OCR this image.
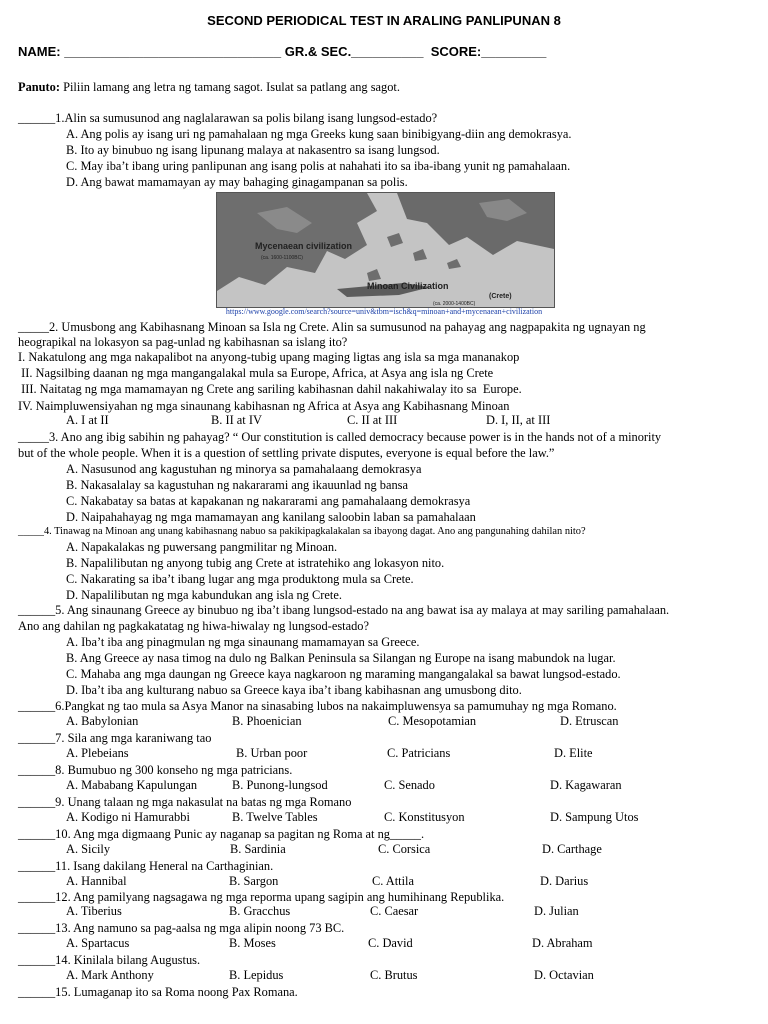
SECOND PERIODICAL TEST IN ARALING PANLIPUNAN 8
NAME: ______________________________ GR.& SEC.__________  SCORE:_________
Panuto: Piliin lamang ang letra ng tamang sagot. Isulat sa patlang ang sagot.
______1.Alin sa sumusunod ang naglalarawan sa polis bilang isang lungsod-estado?
A. Ang polis ay isang uri ng pamahalaan ng mga Greeks kung saan binibigyang-diin ang demokrasya.
B. Ito ay binubuo ng isang lipunang malaya at nakasentro sa isang lungsod.
C. May iba’t ibang uring panlipunan ang isang polis at nahahati ito sa iba-ibang yunit ng pamahalaan.
D. Ang bawat mamamayan ay may bahaging ginagampanan sa polis.
Mycenaean civilization
(ca. 1600-1100BC)
Minoan Civilization
(Crete)
(ca. 2000-1400BC)
https://www.google.com/search?source=univ&tbm=isch&q=minoan+and+mycenaean+civilization
_____2. Umusbong ang Kabihasnang Minoan sa Isla ng Crete. Alin sa sumusunod na pahayag ang nagpapakita ng ugnayan ng
heograpikal na lokasyon sa pag-unlad ng kabihasnan sa islang ito?
I. Nakatulong ang mga nakapalibot na anyong-tubig upang maging ligtas ang isla sa mga mananakop
II. Nagsilbing daanan ng mga mangangalakal mula sa Europe, Africa, at Asya ang isla ng Crete
III. Naitatag ng mga mamamayan ng Crete ang sariling kabihasnan dahil nakahiwalay ito sa  Europe.
IV. Naimpluwensiyahan ng mga sinaunang kabihasnan ng Africa at Asya ang Kabihasnang Minoan
A. I at II	B. II at IV	C. II at III	D. I, II, at III
_____3. Ano ang ibig sabihin ng pahayag? “ Our constitution is called democracy because power is in the hands not of a minority
but of the whole people. When it is a question of settling private disputes, everyone is equal before the law.”
A. Nasusunod ang kagustuhan ng minorya sa pamahalaang demokrasya
B. Nakasalalay sa kagustuhan ng nakararami ang ikauunlad ng bansa
C. Nakabatay sa batas at kapakanan ng nakararami ang pamahalaang demokrasya
D. Naipahahayag ng mga mamamayan ang kanilang saloobin laban sa pamahalaan
_____4. Tinawag na Minoan ang unang kabihasnang nabuo sa pakikipagkalakalan sa ibayong dagat. Ano ang pangunahing dahilan nito?
A. Napakalakas ng puwersang pangmilitar ng Minoan.
B. Napalilibutan ng anyong tubig ang Crete at istratehiko ang lokasyon nito.
C. Nakarating sa iba’t ibang lugar ang mga produktong mula sa Crete.
D. Napalilibutan ng mga kabundukan ang isla ng Crete.
______5. Ang sinaunang Greece ay binubuo ng iba’t ibang lungsod-estado na ang bawat isa ay malaya at may sariling pamahalaan.
Ano ang dahilan ng pagkakatatag ng hiwa-hiwalay ng lungsod-estado?
A. Iba’t iba ang pinagmulan ng mga sinaunang mamamayan sa Greece.
B. Ang Greece ay nasa timog na dulo ng Balkan Peninsula sa Silangan ng Europe na isang mabundok na lugar.
C. Mahaba ang mga daungan ng Greece kaya nagkaroon ng maraming mangangalakal sa bawat lungsod-estado.
D. Iba’t iba ang kulturang nabuo sa Greece kaya iba’t ibang kabihasnan ang umusbong dito.
______6.Pangkat ng tao mula sa Asya Manor na sinasabing lubos na nakaimpluwensya sa pamumuhay ng mga Romano.
A. Babylonian	B. Phoenician	C. Mesopotamian	D. Etruscan
______7. Sila ang mga karaniwang tao
A. Plebeians	B. Urban poor	C. Patricians	D. Elite
______8. Bumubuo ng 300 konseho ng mga patricians.
A. Mababang Kapulungan	B. Punong-lungsod	C. Senado	D. Kagawaran
______9. Unang talaan ng mga nakasulat na batas ng mga Romano
A. Kodigo ni Hamurabbi	B. Twelve Tables	C. Konstitusyon	D. Sampung Utos
______10. Ang mga digmaang Punic ay naganap sa pagitan ng Roma at ng_____.
A. Sicily	B. Sardinia	C. Corsica	D. Carthage
______11. Isang dakilang Heneral na Carthaginian.
A. Hannibal	B. Sargon	C. Attila	D. Darius
______12. Ang pamilyang nagsagawa ng mga reporma upang sagipin ang humihinang Republika.
A. Tiberius	B. Gracchus	C. Caesar	D. Julian
______13. Ang namuno sa pag-aalsa ng mga alipin noong 73 BC.
A. Spartacus	B. Moses	C. David	D. Abraham
______14. Kinilala bilang Augustus.
A. Mark Anthony	B. Lepidus	C. Brutus	D. Octavian
______15. Lumaganap ito sa Roma noong Pax Romana.
